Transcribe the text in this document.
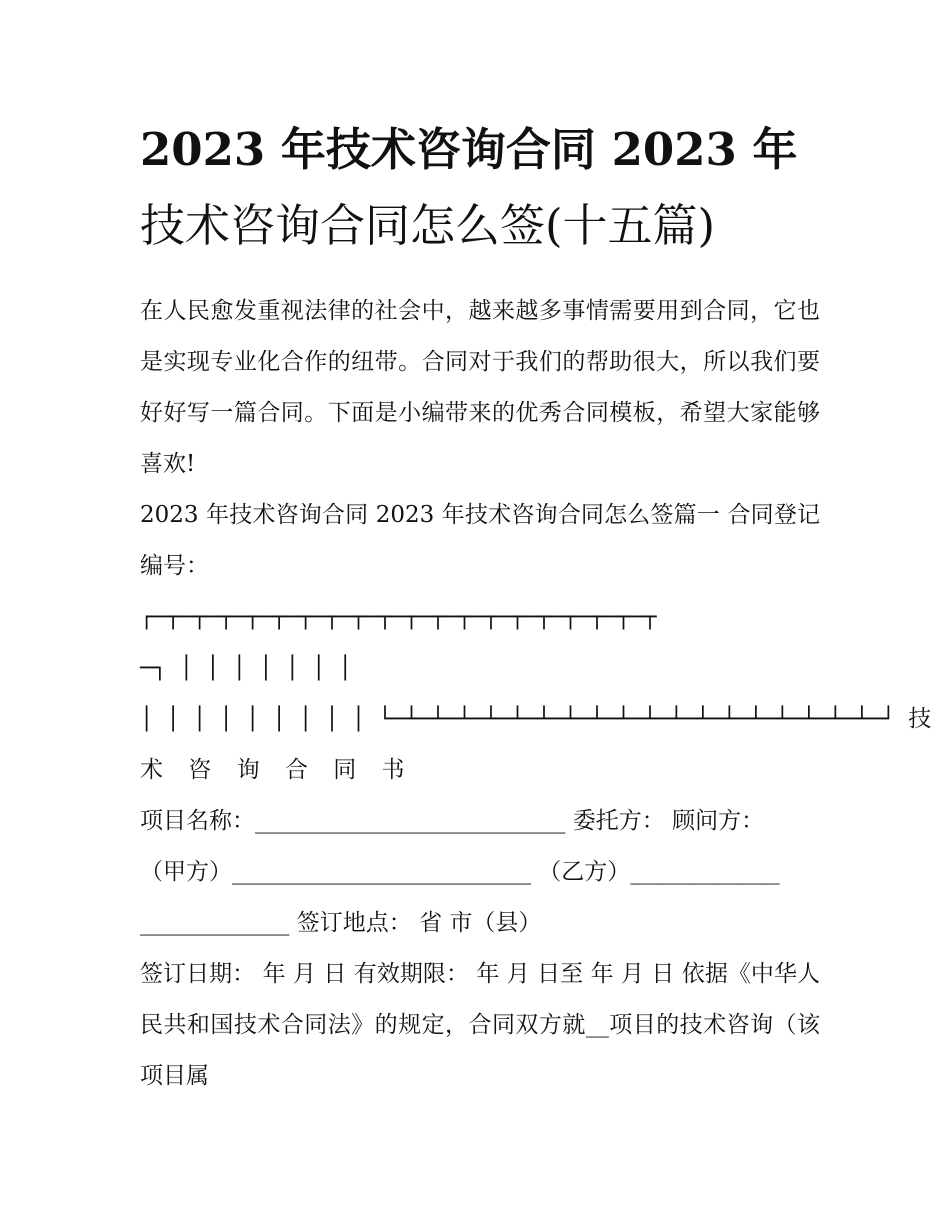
2023 年技术咨询合同 2023 年
技术咨询合同怎么签(十五篇)

在人民愈发重视法律的社会中，越来越多事情需要用到合同，它也是实现专业化合作的纽带。合同对于我们的帮助很大，所以我们要好好写一篇合同。下面是小编带来的优秀合同模板，希望大家能够喜欢!

2023 年技术咨询合同 2023 年技术咨询合同怎么签篇一 合同登记编号：

┌─┬─┬─┬─┬─┬─┬─┬─┬─┬─┬─┬─┬─┬─┬─┬─┬─┬─┬─┬
─┐ │ │ │ │ │ │ │
│ │ │ │ │ │ │ │ │ └─┴─┴─┴─┴─┴─┴─┴─┴─┴─┴─┴─┴─┴─┴─┴─┴─┴─┴─┘ 技

术 咨 询 合 同 书

项目名称：___________________________ 委托方： 顾问方：

（甲方）__________________________ （乙方）_____________

_____________ 签订地点： 省 市（县）

签订日期： 年 月 日 有效期限： 年 月 日至 年 月 日 依据《中华人民共和国技术合同法》的规定，合同双方就__项目的技术咨询（该项目属
